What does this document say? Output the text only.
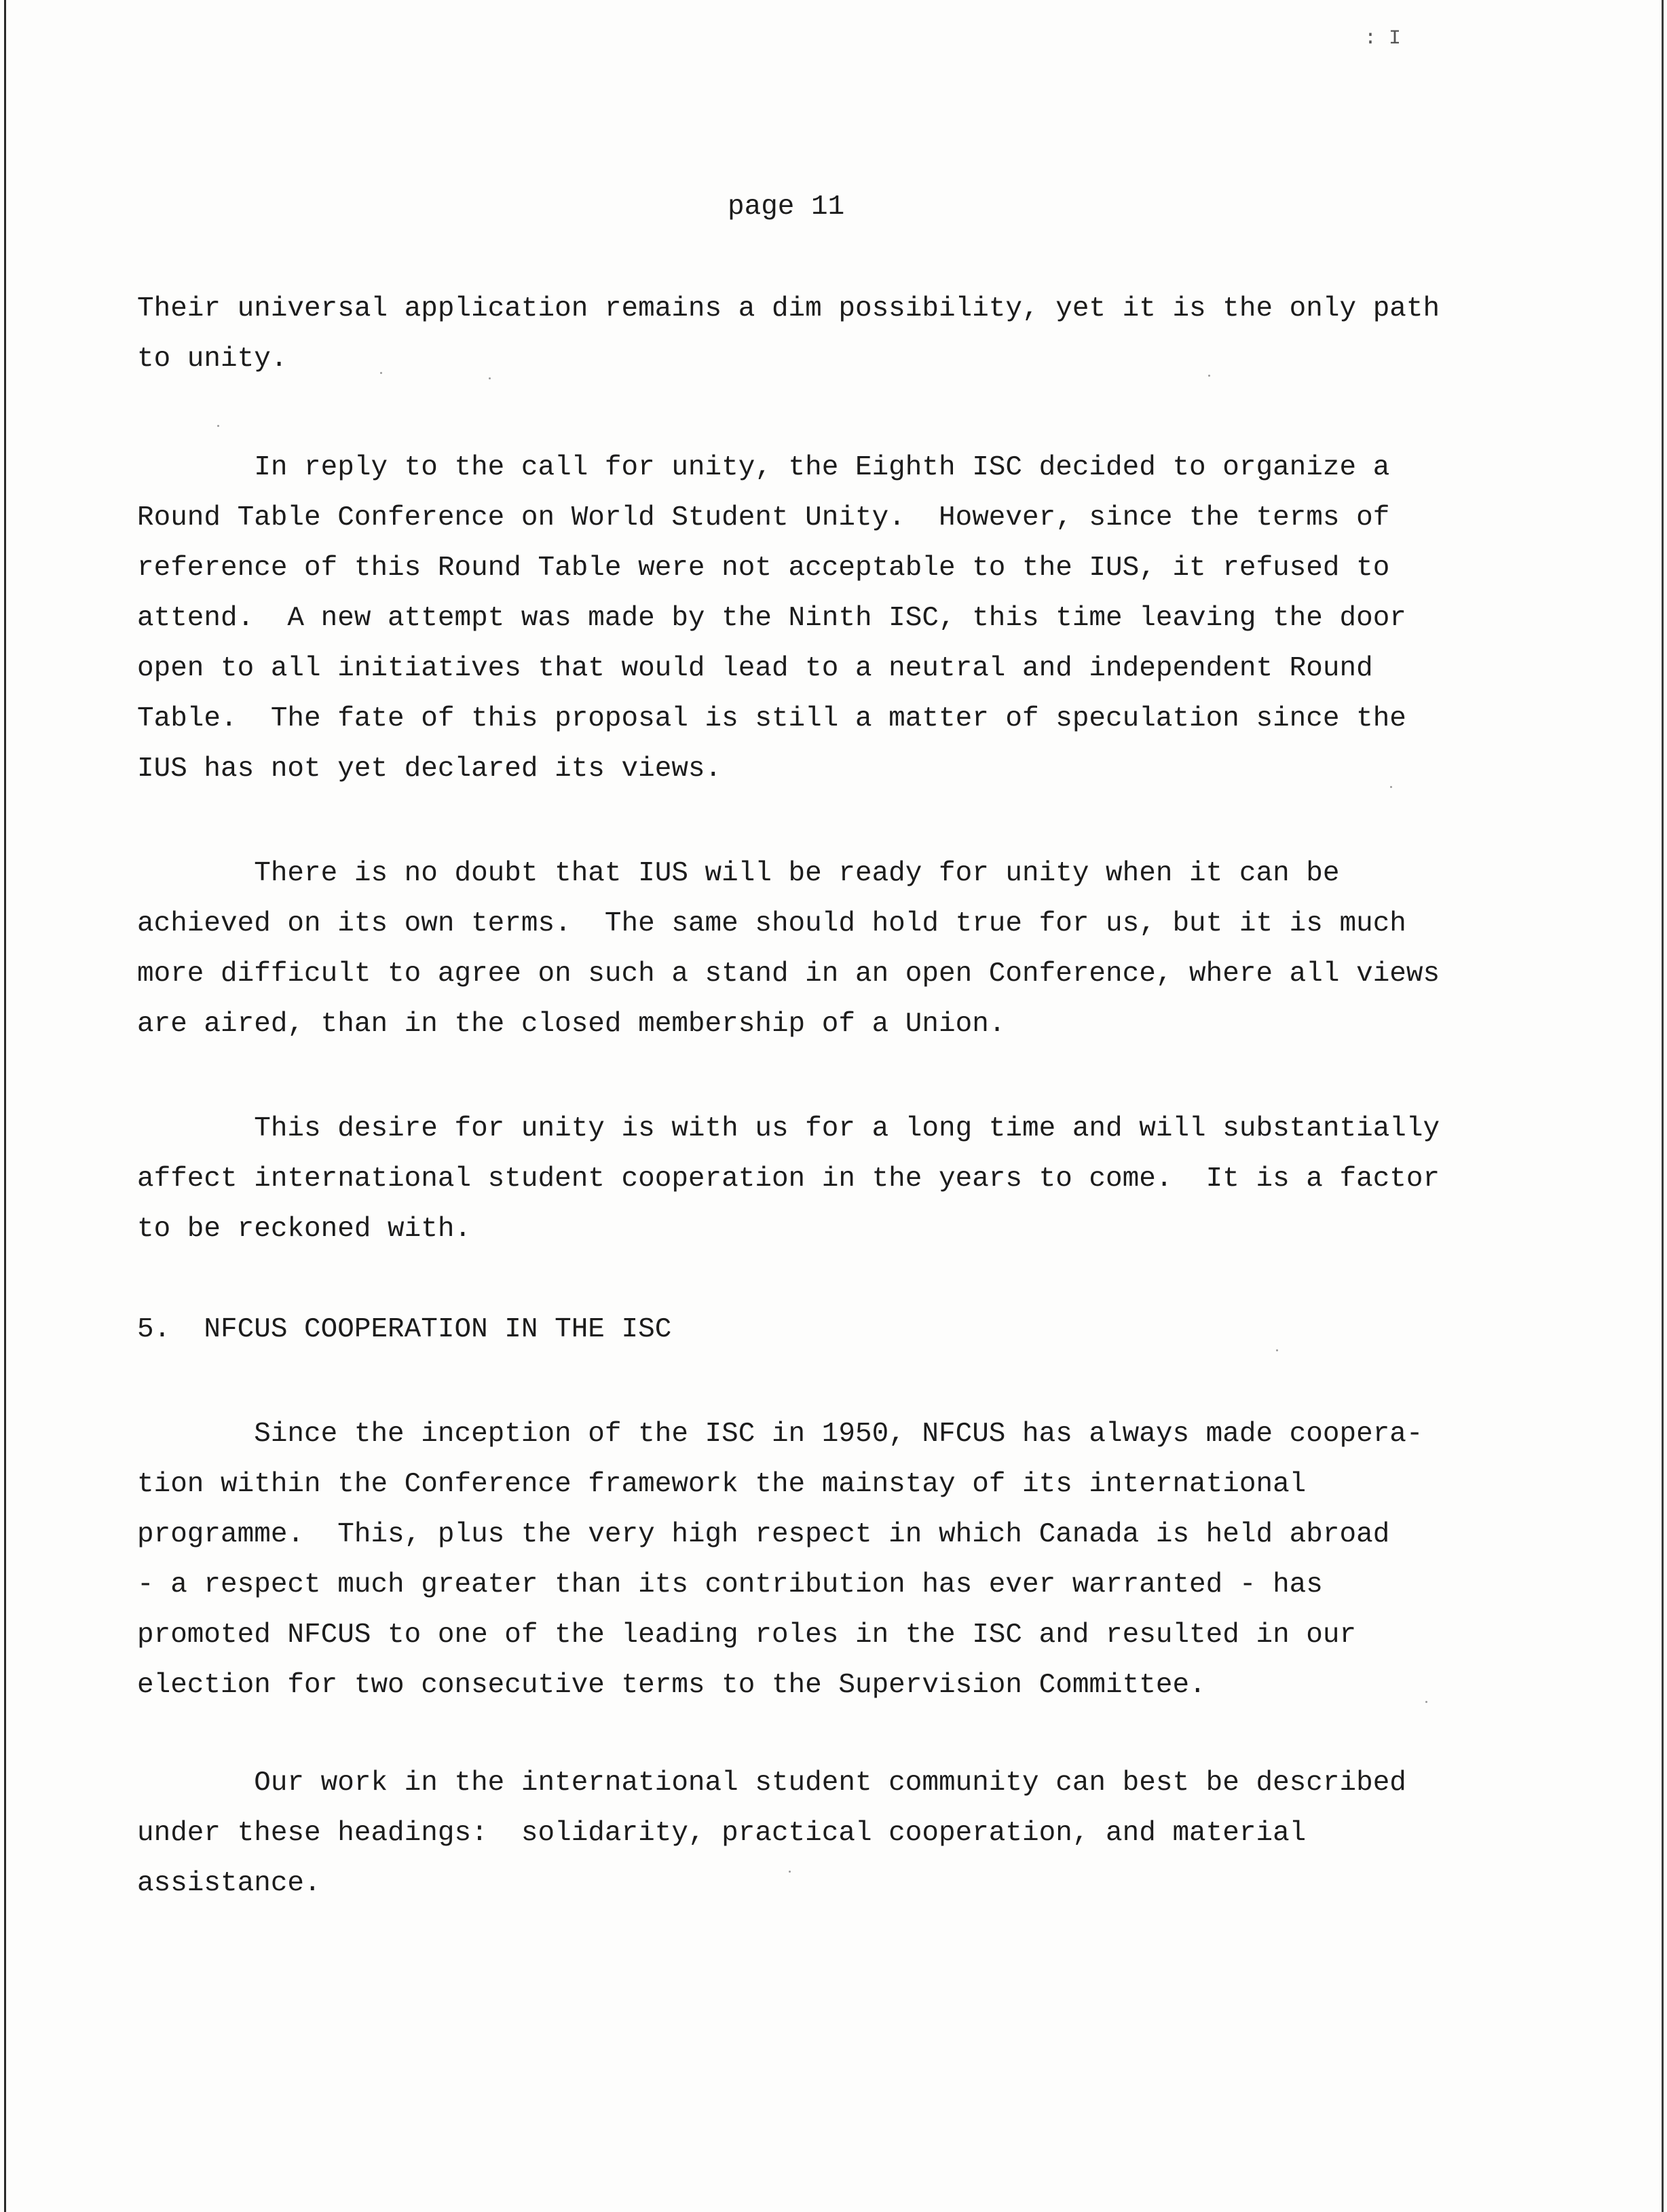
: I
page 11
Their universal application remains a dim possibility, yet it is the only path
to unity.
In reply to the call for unity, the Eighth ISC decided to organize a
Round Table Conference on World Student Unity.  However, since the terms of
reference of this Round Table were not acceptable to the IUS, it refused to
attend.  A new attempt was made by the Ninth ISC, this time leaving the door
open to all initiatives that would lead to a neutral and independent Round
Table.  The fate of this proposal is still a matter of speculation since the
IUS has not yet declared its views.
There is no doubt that IUS will be ready for unity when it can be
achieved on its own terms.  The same should hold true for us, but it is much
more difficult to agree on such a stand in an open Conference, where all views
are aired, than in the closed membership of a Union.
This desire for unity is with us for a long time and will substantially
affect international student cooperation in the years to come.  It is a factor
to be reckoned with.
5.  NFCUS COOPERATION IN THE ISC
Since the inception of the ISC in 1950, NFCUS has always made coopera-
tion within the Conference framework the mainstay of its international
programme.  This, plus the very high respect in which Canada is held abroad
- a respect much greater than its contribution has ever warranted - has
promoted NFCUS to one of the leading roles in the ISC and resulted in our
election for two consecutive terms to the Supervision Committee.
Our work in the international student community can best be described
under these headings:  solidarity, practical cooperation, and material
assistance.
